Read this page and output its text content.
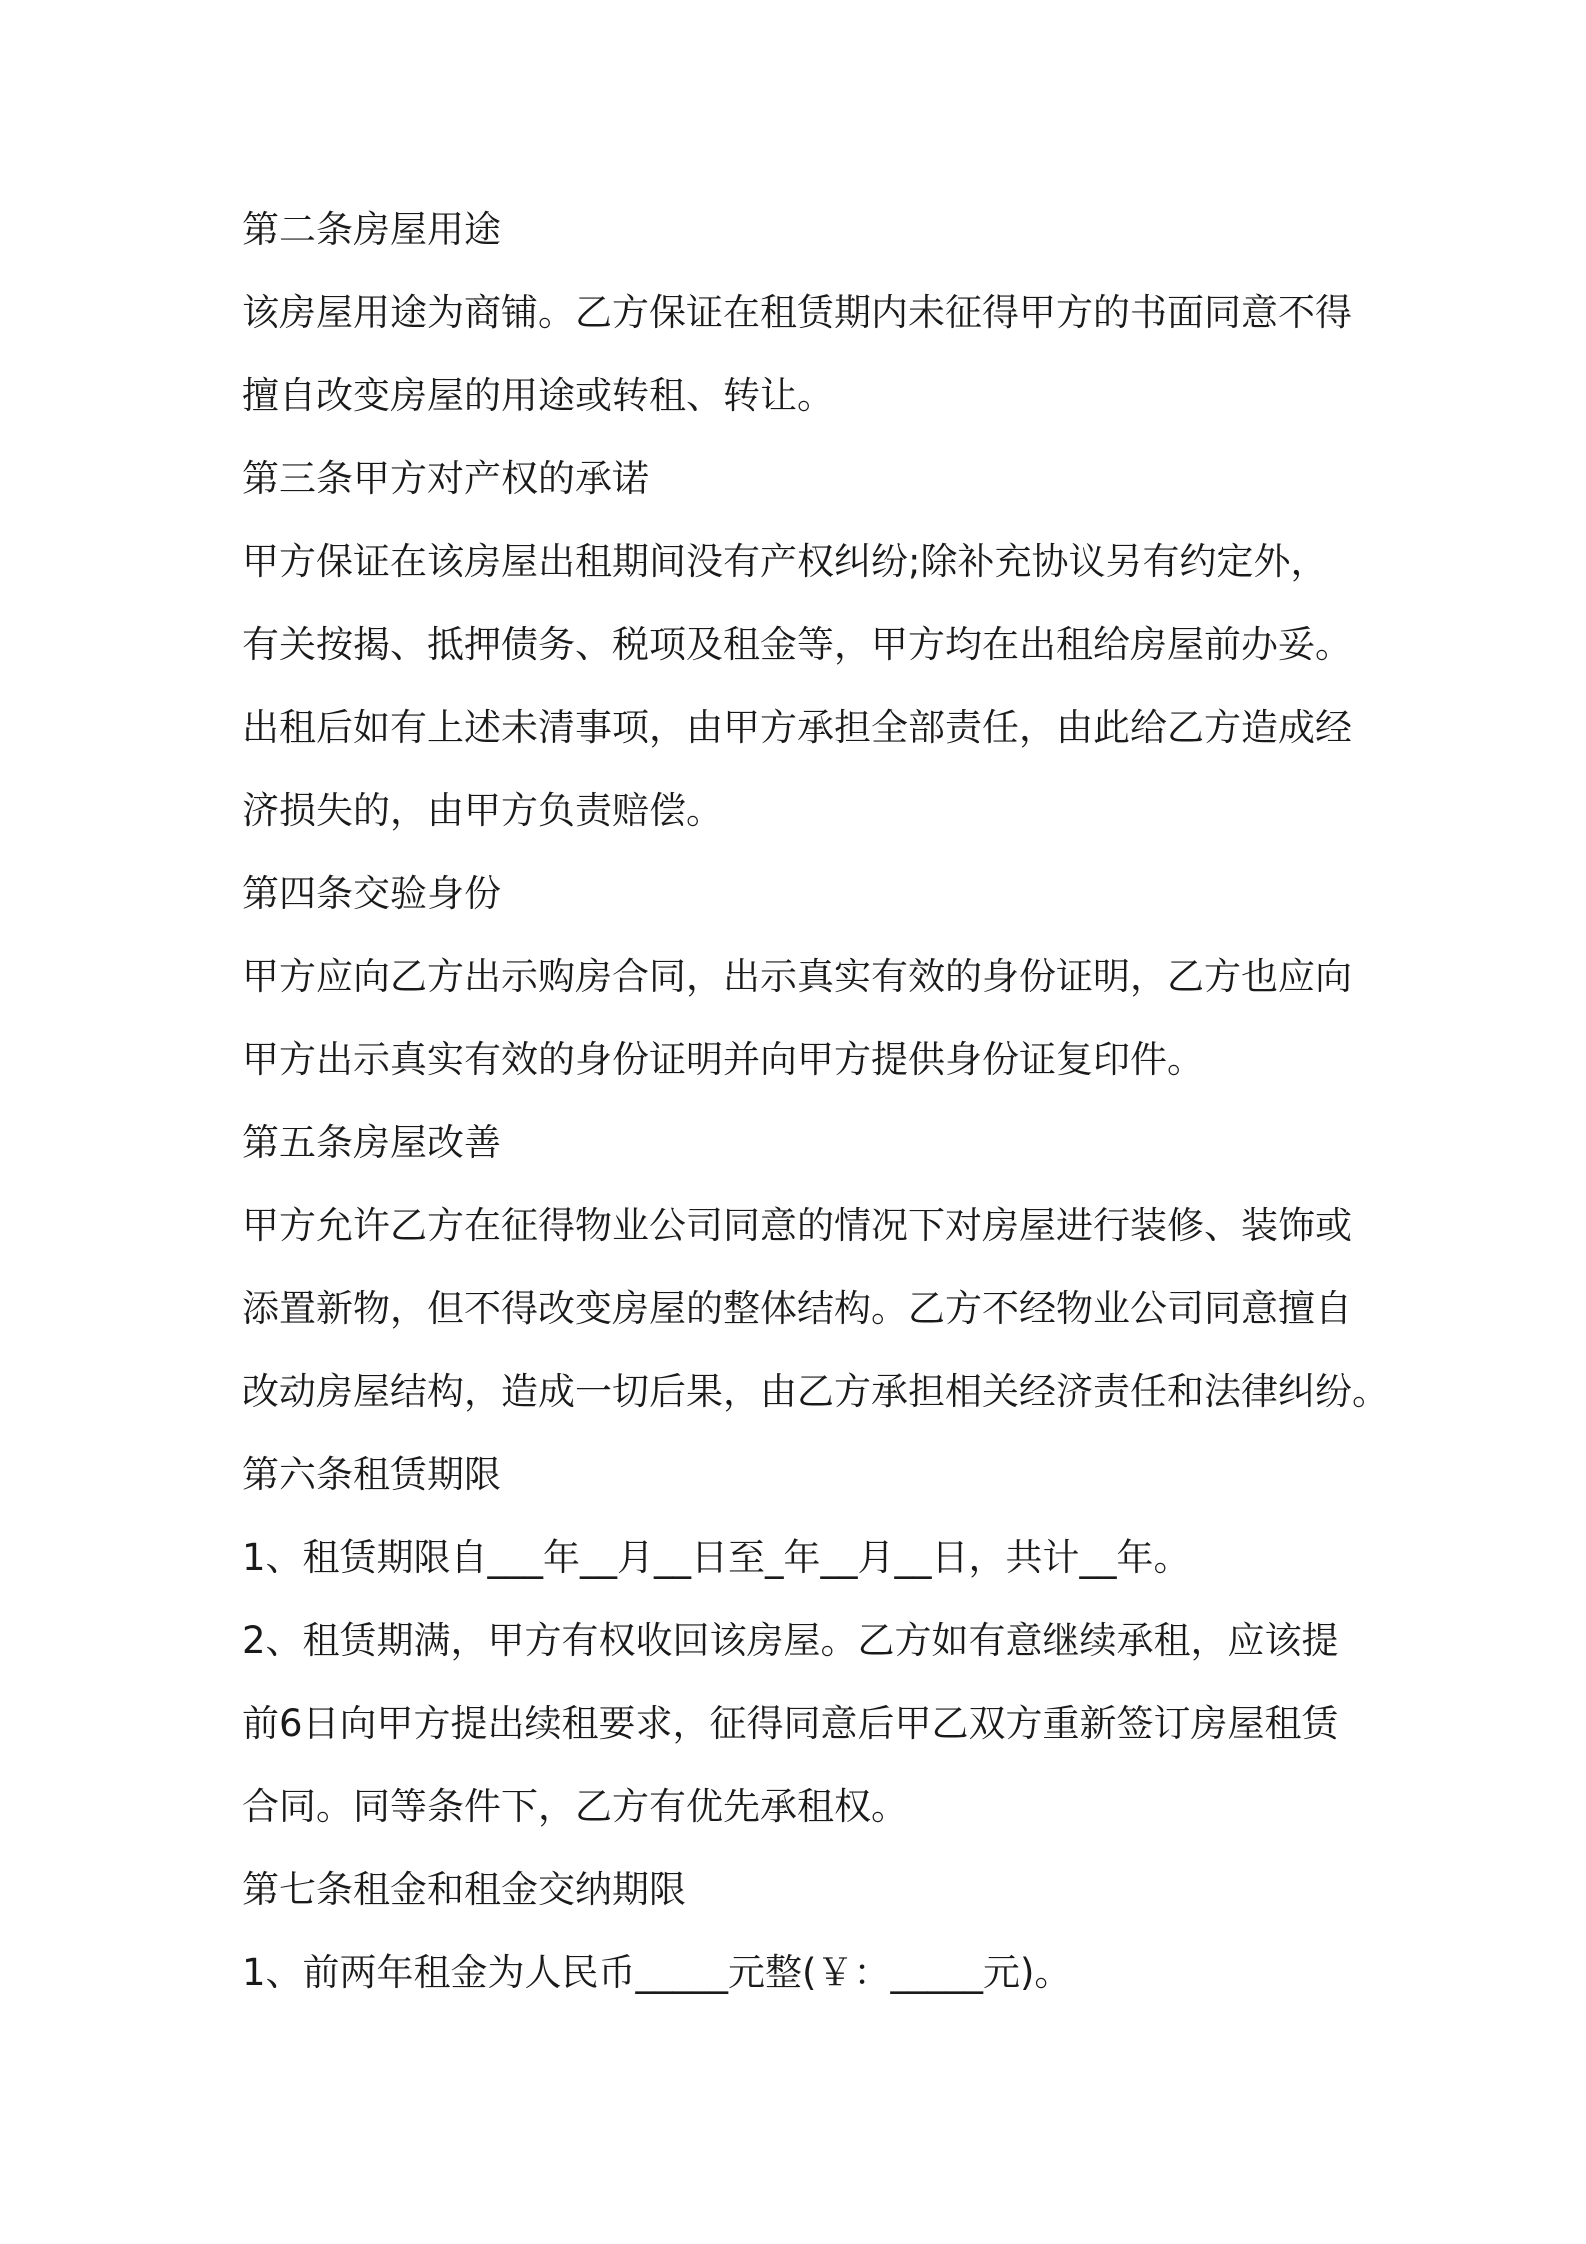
第二条房屋用途
该房屋用途为商铺。乙方保证在租赁期内未征得甲方的书面同意不得
擅自改变房屋的用途或转租、转让。
第三条甲方对产权的承诺
甲方保证在该房屋出租期间没有产权纠纷;除补充协议另有约定外，
有关按揭、抵押债务、税项及租金等，甲方均在出租给房屋前办妥。
出租后如有上述未清事项，由甲方承担全部责任，由此给乙方造成经
济损失的，由甲方负责赔偿。
第四条交验身份
甲方应向乙方出示购房合同，出示真实有效的身份证明，乙方也应向
甲方出示真实有效的身份证明并向甲方提供身份证复印件。
第五条房屋改善
甲方允许乙方在征得物业公司同意的情况下对房屋进行装修、装饰或
添置新物，但不得改变房屋的整体结构。乙方不经物业公司同意擅自
改动房屋结构，造成一切后果，由乙方承担相关经济责任和法律纠纷。
第六条租赁期限
1、租赁期限自___年__月__日至_年__月__日，共计__年。
2、租赁期满，甲方有权收回该房屋。乙方如有意继续承租，应该提
前6日向甲方提出续租要求，征得同意后甲乙双方重新签订房屋租赁
合同。同等条件下，乙方有优先承租权。
第七条租金和租金交纳期限
1、前两年租金为人民币_____元整(￥：_____元)。
